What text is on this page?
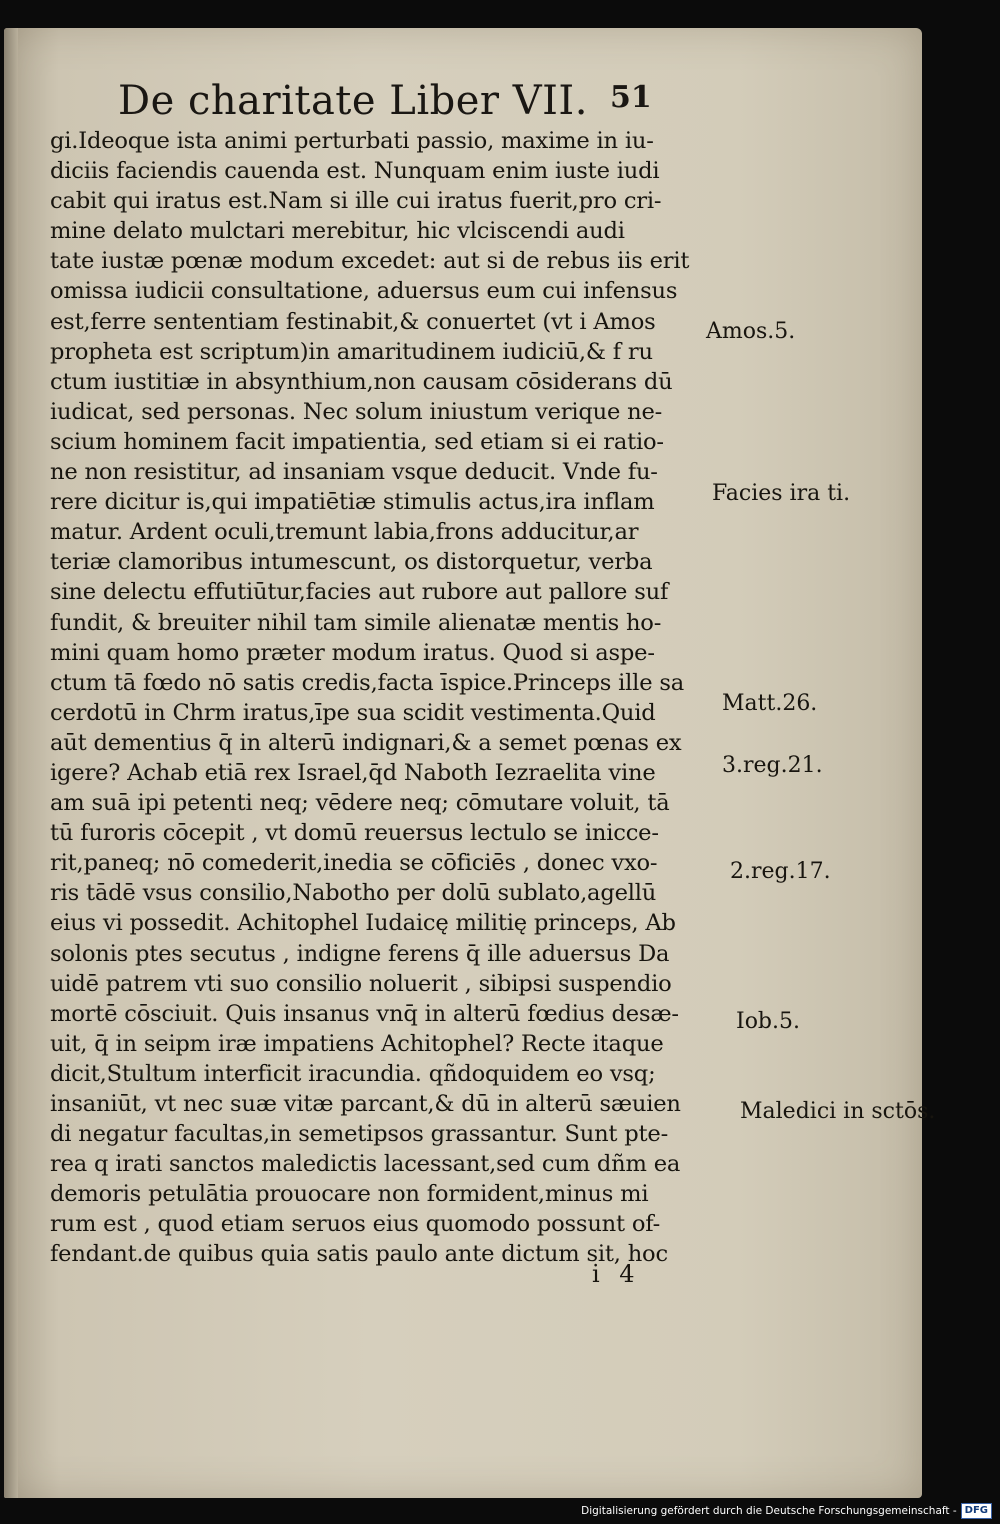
De charitate Liber VII. 51
gi.Ideoque ista animi perturbati passio, maxime in iu-
diciis faciendis cauenda est. Nunquam enim iuste iudi
cabit qui iratus est.Nam si ille cui iratus fuerit,pro cri-
mine delato mulctari merebitur, hic vlciscendi audi
tate iustæ pœnæ modum excedet: aut si de rebus iis erit
omissa iudicii consultatione, aduersus eum cui infensus
est,ferre sententiam festinabit,& conuertet (vt i Amos
propheta est scriptum)in amaritudinem iudiciū,& f ru
ctum iustitiæ in absynthium,non causam cōsiderans dū
iudicat, sed personas. Nec solum iniustum verique ne-
scium hominem facit impatientia, sed etiam si ei ratio-
ne non resistitur, ad insaniam vsque deducit. Vnde fu-
rere dicitur is,qui impatiētiæ stimulis actus,ira inflam
matur. Ardent oculi,tremunt labia,frons adducitur,ar
teriæ clamoribus intumescunt, os distorquetur, verba
sine delectu effutiūtur,facies aut rubore aut pallore suf
fundit, & breuiter nihil tam simile alienatæ mentis ho-
mini quam homo præter modum iratus. Quod si aspe-
ctum tā fœdo nō satis credis,facta īspice.Princeps ille sa
cerdotū in Chrm iratus,īpe sua scidit vestimenta.Quid
aūt dementius q̄ in alterū indignari,& a semet pœnas ex
igere? Achab etiā rex Israel,q̄d Naboth Iezraelita vine
am suā ipi petenti neq; vēdere neq; cōmutare voluit, tā
tū furoris cōcepit , vt domū reuersus lectulo se inicce-
rit,paneq; nō comederit,inedia se cōficiēs , donec vxo-
ris tādē vsus consilio,Nabotho per dolū sublato,agellū
eius vi possedit. Achitophel Iudaicę militię princeps, Ab
solonis ptes secutus , indigne ferens q̄ ille aduersus Da
uidē patrem vti suo consilio noluerit , sibipsi suspendio
mortē cōsciuit. Quis insanus vnq̄ in alterū fœdius desæ-
uit, q̄ in seipm iræ impatiens Achitophel? Recte itaque
dicit,Stultum interficit iracundia. qñdoquidem eo vsq;
insaniūt, vt nec suæ vitæ parcant,& dū in alterū sæuien
di negatur facultas,in semetipsos grassantur. Sunt pte-
rea q irati sanctos maledictis lacessant,sed cum dñm ea
demoris petulātia prouocare non formident,minus mi
rum est , quod etiam seruos eius quomodo possunt of-
fendant.de quibus quia satis paulo ante dictum sit, hoc
Amos.5.
Facies ira ti.
Matt.26.
3.reg.21.
2.reg.17.
Iob.5.
Maledici in sctōs.
i 4
Digitalisierung gefördert durch die Deutsche Forschungsgemeinschaft - DFG
